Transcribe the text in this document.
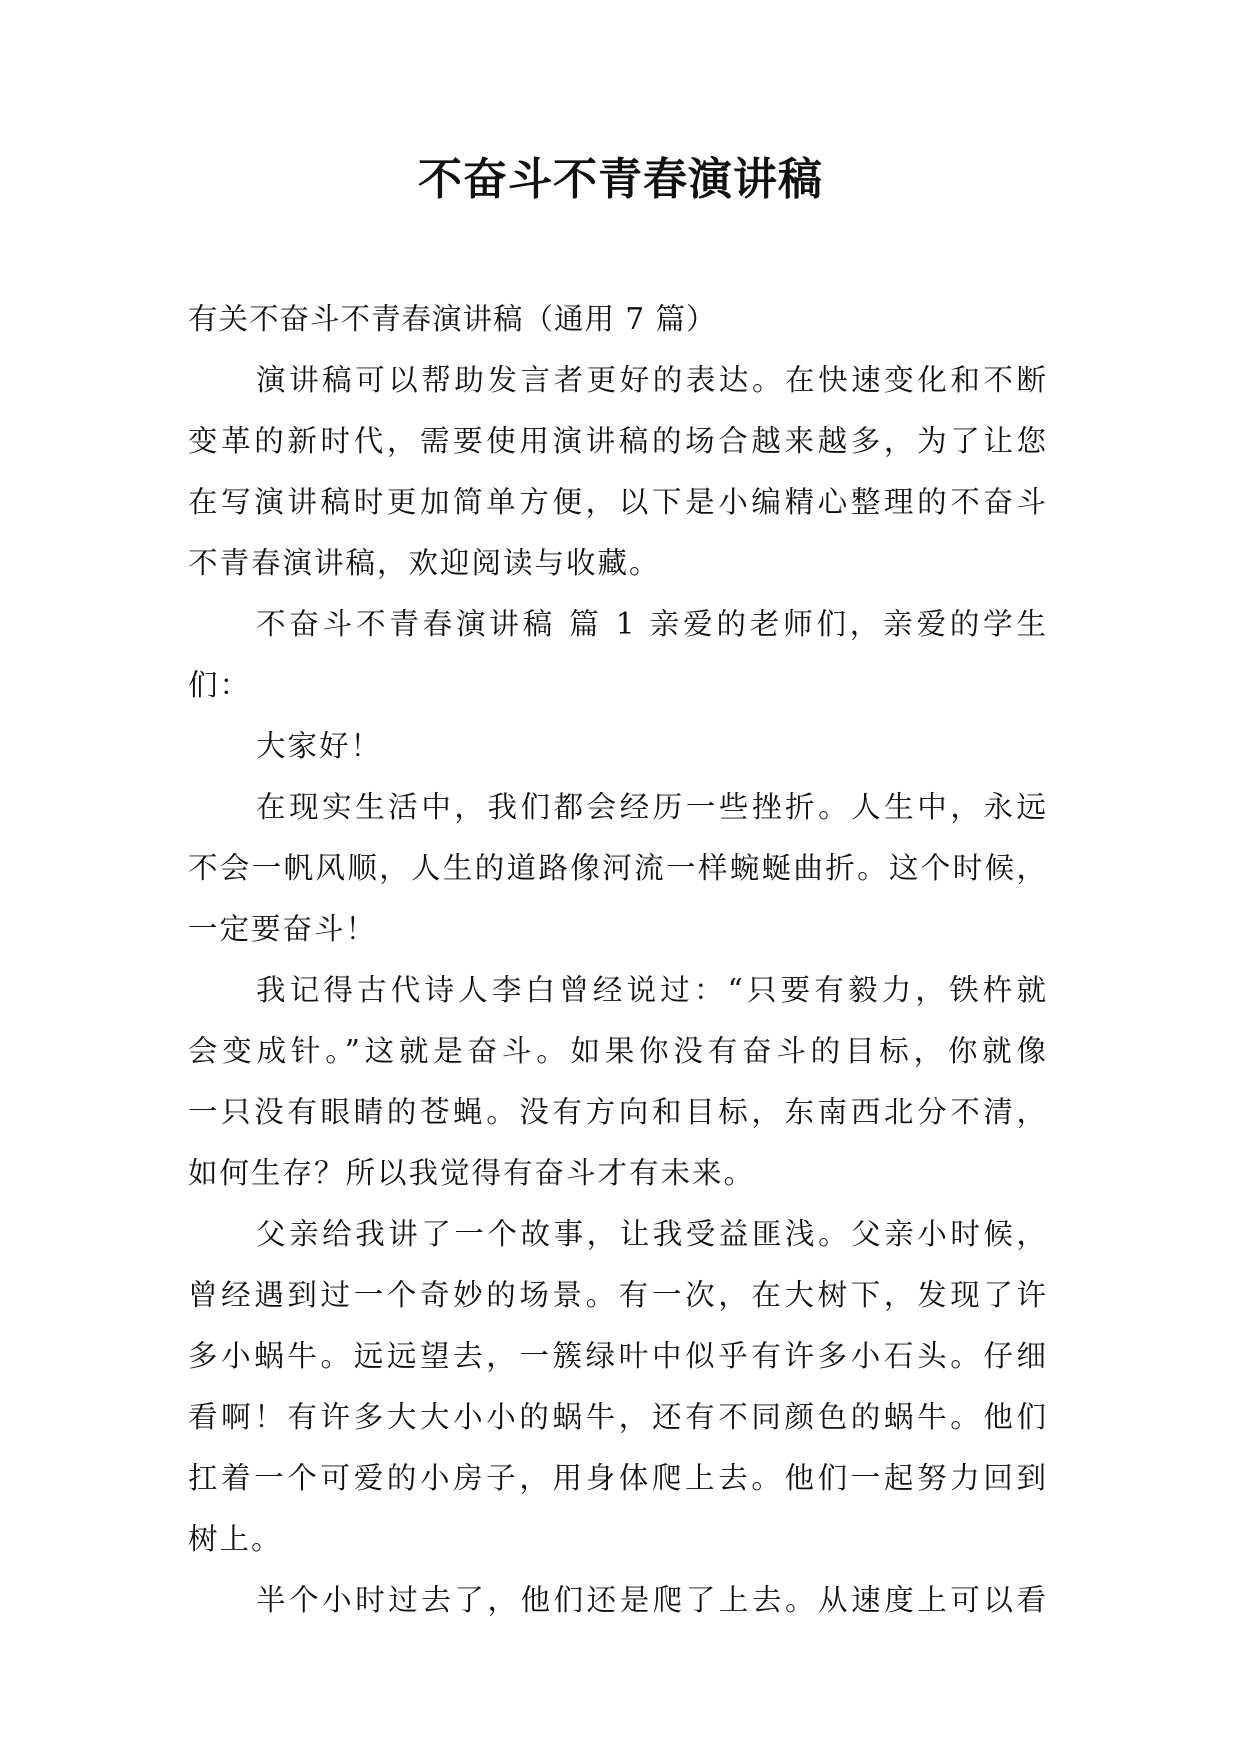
不奋斗不青春演讲稿
有关不奋斗不青春演讲稿（通用 7 篇）
演讲稿可以帮助发言者更好的表达。在快速变化和不断
变革的新时代，需要使用演讲稿的场合越来越多，为了让您
在写演讲稿时更加简单方便，以下是小编精心整理的不奋斗
不青春演讲稿，欢迎阅读与收藏。
不奋斗不青春演讲稿 篇 1 亲爱的老师们，亲爱的学生
们：
大家好！
在现实生活中，我们都会经历一些挫折。人生中，永远
不会一帆风顺，人生的道路像河流一样蜿蜒曲折。这个时候，
一定要奋斗！
我记得古代诗人李白曾经说过：“只要有毅力，铁杵就
会变成针。”这就是奋斗。如果你没有奋斗的目标，你就像
一只没有眼睛的苍蝇。没有方向和目标，东南西北分不清，
如何生存？所以我觉得有奋斗才有未来。
父亲给我讲了一个故事，让我受益匪浅。父亲小时候，
曾经遇到过一个奇妙的场景。有一次，在大树下，发现了许
多小蜗牛。远远望去，一簇绿叶中似乎有许多小石头。仔细
看啊！有许多大大小小的蜗牛，还有不同颜色的蜗牛。他们
扛着一个可爱的小房子，用身体爬上去。他们一起努力回到
树上。
半个小时过去了，他们还是爬了上去。从速度上可以看
